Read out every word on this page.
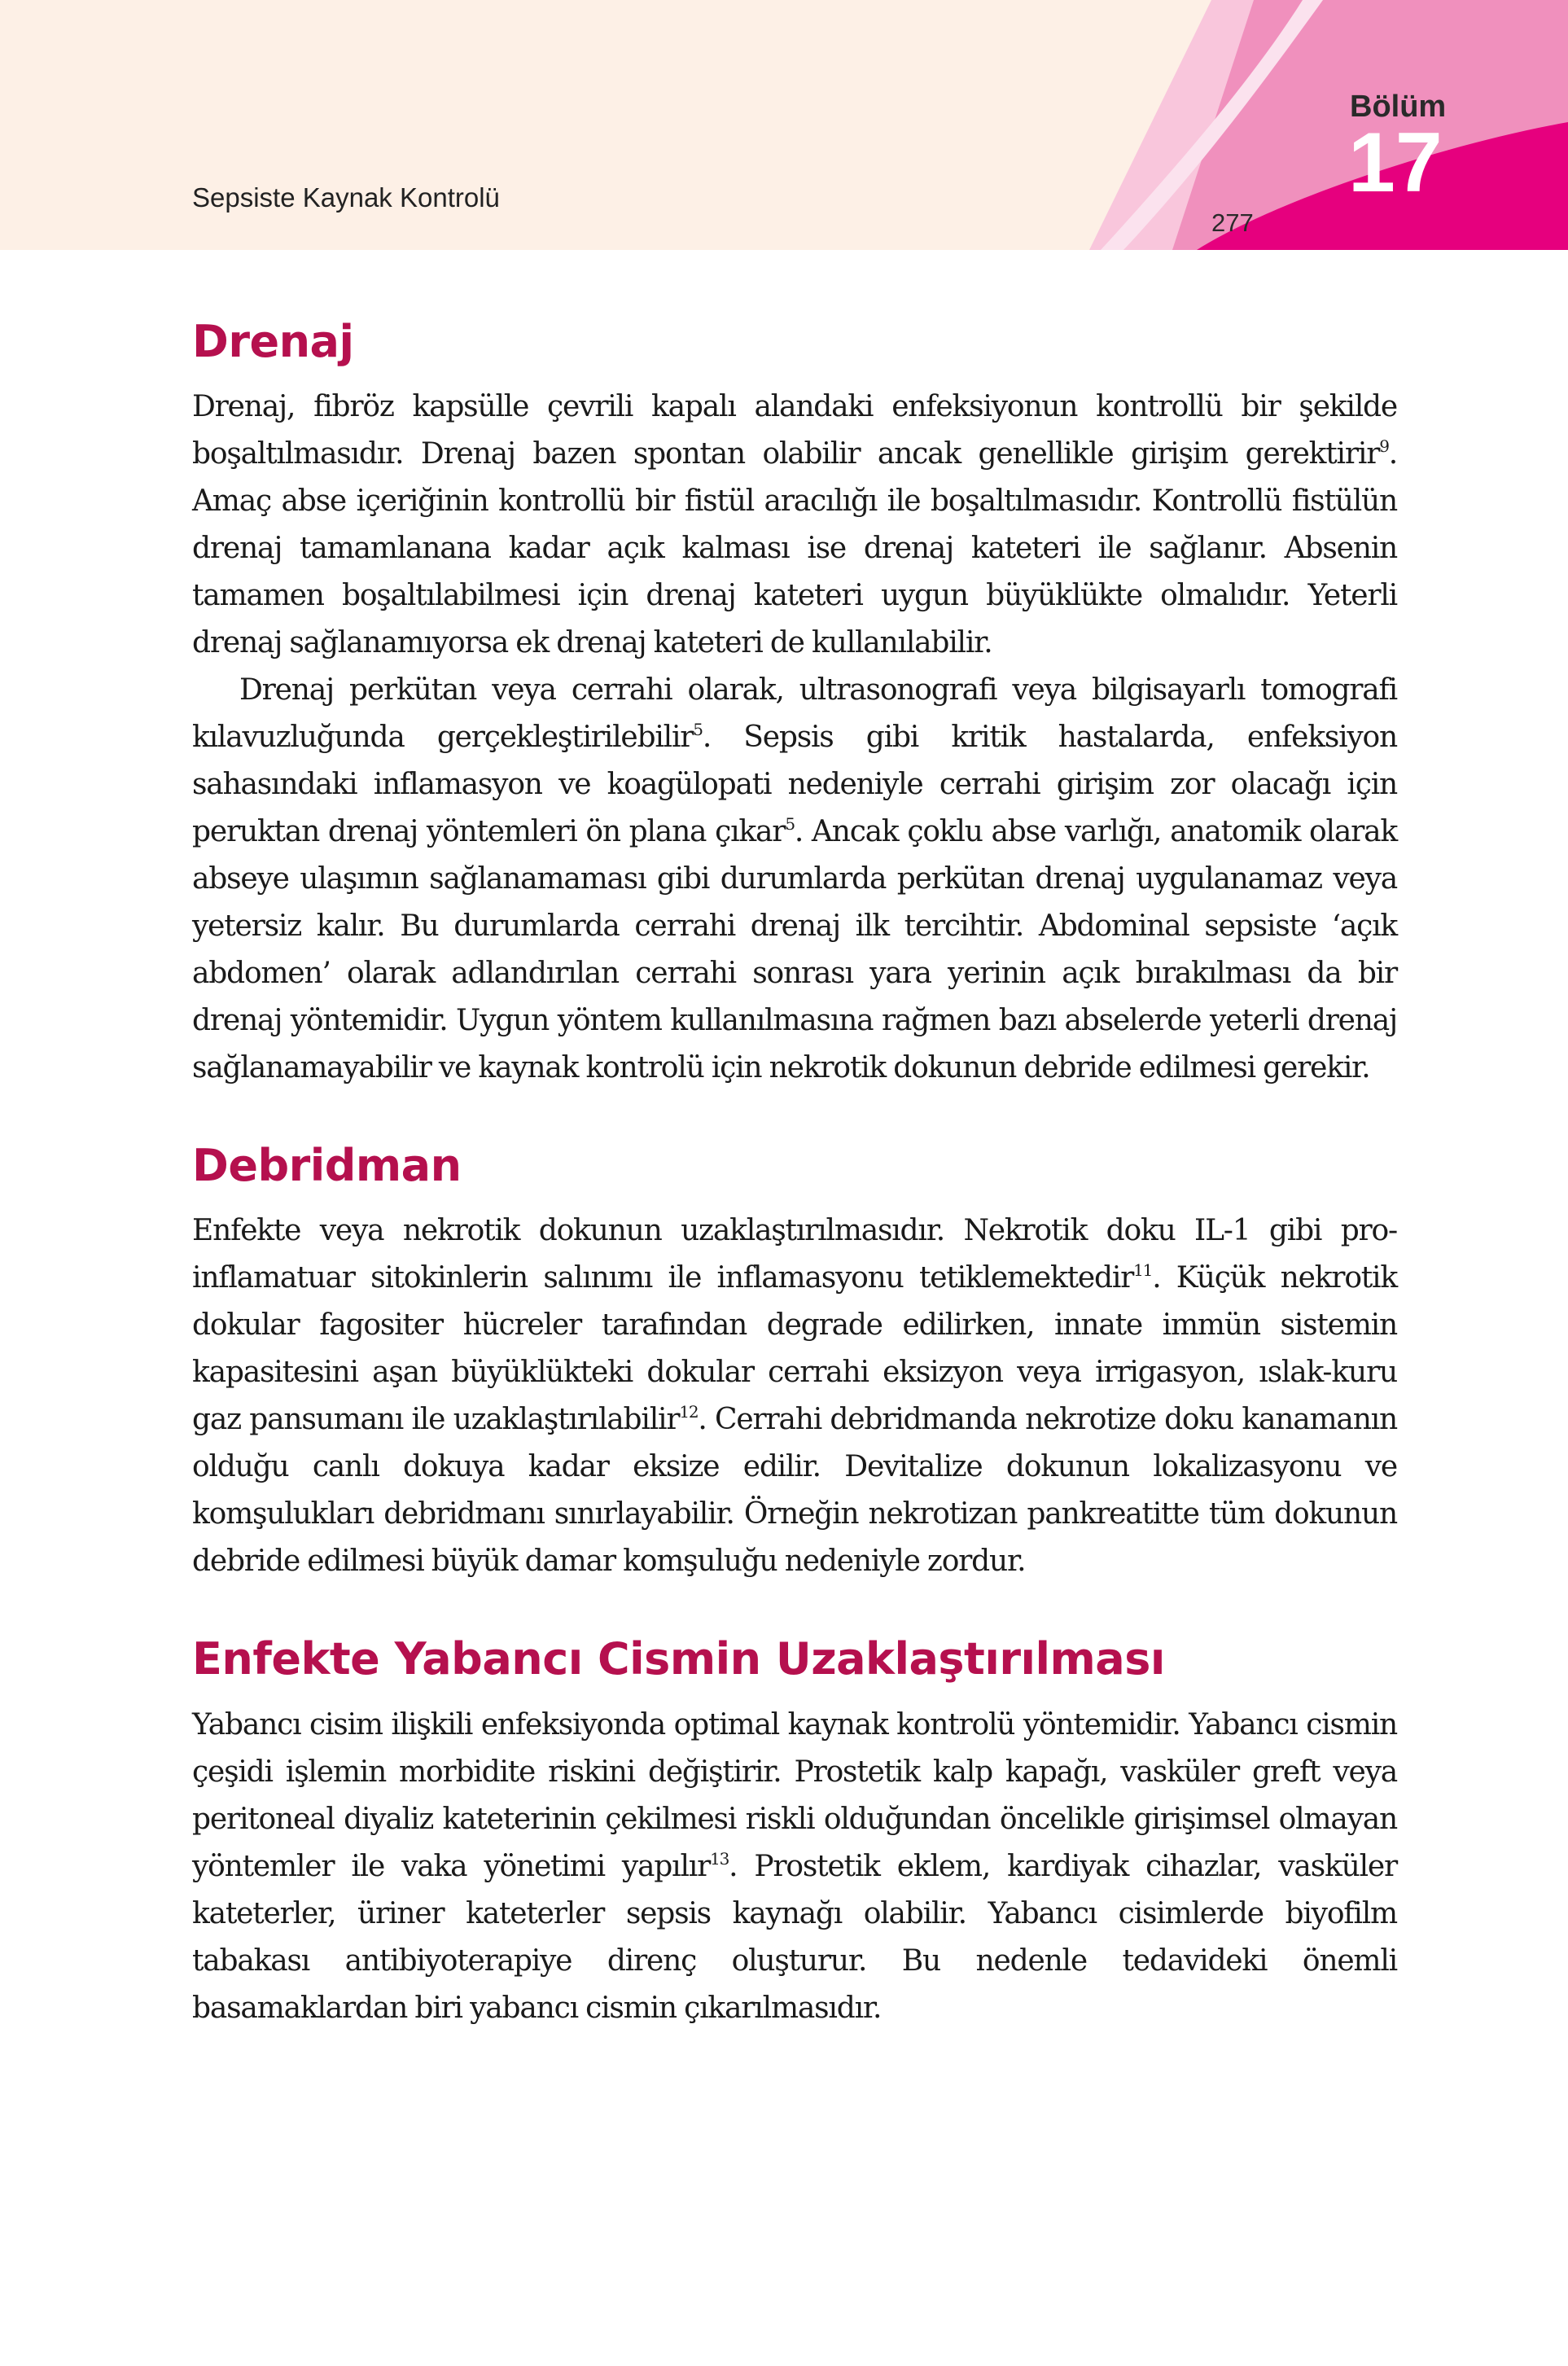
Sepsiste Kaynak Kontrolü
Bölüm
17
277
Drenaj

Drenaj, fibröz kapsülle çevrili kapalı alandaki enfeksiyonun kontrollü bir şekilde boşaltılmasıdır. Drenaj bazen spontan olabilir ancak genellikle girişim gerektirir$^9$. Amaç abse içeriğinin kontrollü bir fistül aracılığı ile boşaltılmasıdır. Kontrollü fistülün drenaj tamamlanana kadar açık kalması ise drenaj kateteri ile sağlanır. Absenin tamamen boşaltılabilmesi için drenaj kateteri uygun büyüklükte olmalıdır. Yeterli drenaj sağlanamıyorsa ek drenaj kateteri de kullanılabilir.

Drenaj perkütan veya cerrahi olarak, ultrasonografi veya bilgisayarlı tomografi kılavuzluğunda gerçekleştirilebilir$^5$. Sepsis gibi kritik hastalarda, enfeksiyon sahasındaki inflamasyon ve koagülopati nedeniyle cerrahi girişim zor olacağı için peruktan drenaj yöntemleri ön plana çıkar$^5$. Ancak çoklu abse varlığı, anatomik olarak abseye ulaşımın sağlanamaması gibi durumlarda perkütan drenaj uygulanamaz veya yetersiz kalır. Bu durumlarda cerrahi drenaj ilk tercihtir. Abdominal sepsiste ‘açık abdomen’ olarak adlandırılan cerrahi sonrası yara yerinin açık bırakılması da bir drenaj yöntemidir. Uygun yöntem kullanılmasına rağmen bazı abselerde yeterli drenaj sağlanamayabilir ve kaynak kontrolü için nekrotik dokunun debride edilmesi gerekir.

Debridman

Enfekte veya nekrotik dokunun uzaklaştırılmasıdır. Nekrotik doku IL-1 gibi pro-inflamatuar sitokinlerin salınımı ile inflamasyonu tetiklemektedir$^{11}$. Küçük nekrotik dokular fagositer hücreler tarafından degrade edilirken, innate immün sistemin kapasitesini aşan büyüklükteki dokular cerrahi eksizyon veya irrigasyon, ıslak-kuru gaz pansumanı ile uzaklaştırılabilir$^{12}$. Cerrahi debridmanda nekrotize doku kanamanın olduğu canlı dokuya kadar eksize edilir. Devitalize dokunun lokalizasyonu ve komşulukları debridmanı sınırlayabilir. Örneğin nekrotizan pankreatitte tüm dokunun debride edilmesi büyük damar komşuluğu nedeniyle zordur.

Enfekte Yabancı Cismin Uzaklaştırılması

Yabancı cisim ilişkili enfeksiyonda optimal kaynak kontrolü yöntemidir. Yabancı cismin çeşidi işlemin morbidite riskini değiştirir. Prostetik kalp kapağı, vasküler greft veya peritoneal diyaliz kateterinin çekilmesi riskli olduğundan öncelikle girişimsel olmayan yöntemler ile vaka yönetimi yapılır$^{13}$. Prostetik eklem, kardiyak cihazlar, vasküler kateterler, üriner kateterler sepsis kaynağı olabilir. Yabancı cisimlerde biyofilm tabakası antibiyoterapiye direnç oluşturur. Bu nedenle tedavideki önemli basamaklardan biri yabancı cismin çıkarılmasıdır.
